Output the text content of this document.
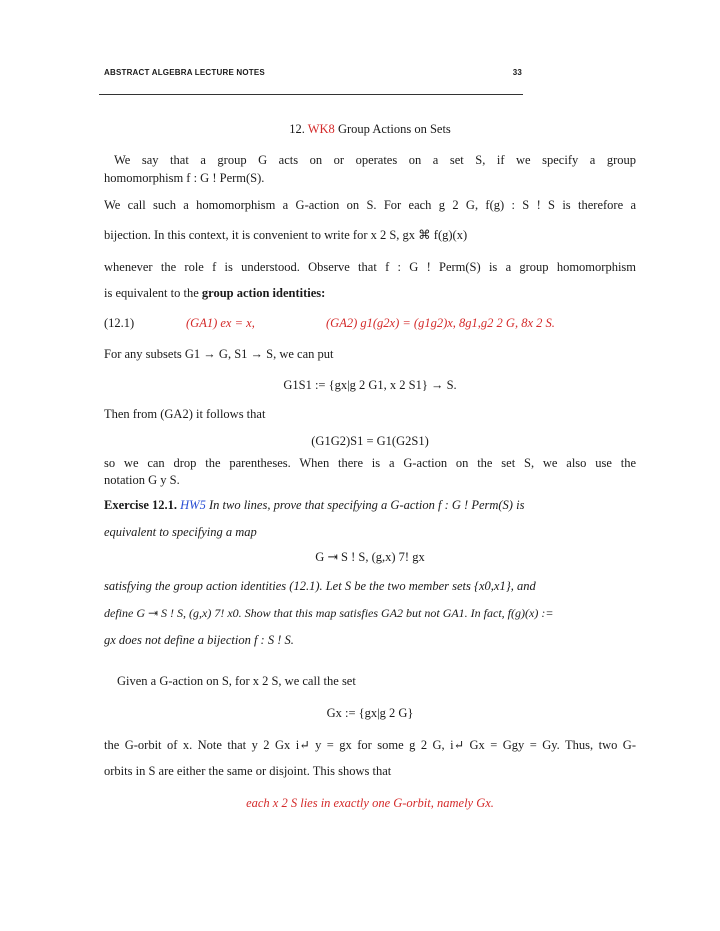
ABSTRACT ALGEBRA LECTURE NOTES	33
12. WK8 Group Actions on Sets
We say that a group G acts on or operates on a set S, if we specify a group
homomorphism f : G ! Perm(S).
We call such a homomorphism a G-action on S. For each g 2 G, f(g) : S ! S is therefore a
bijection. In this context, it is convenient to write for x 2 S, gx ⌘ f(g)(x)
whenever the role f is understood. Observe that f : G ! Perm(S) is a group homomorphism
is equivalent to the group action identities:
(12.1)	(GA1) ex = x,	(GA2) g1(g2x) = (g1g2)x, 8g1,g2 2 G, 8x 2 S.
For any subsets G1 → G, S1 → S, we can put
G1S1 := {gx|g 2 G1, x 2 S1} → S.
Then from (GA2) it follows that
(G1G2)S1 = G1(G2S1)
so we can drop the parentheses. When there is a G-action on the set S, we also use the
notation G y S.
Exercise 12.1. HW5 In two lines, prove that specifying a G-action f : G ! Perm(S) is
equivalent to specifying a map
G ⇥ S ! S, (g,x) 7! gx
satisfying the group action identities (12.1). Let S be the two member sets {x0,x1}, and
define G ⇥ S ! S, (g,x) 7! x0. Show that this map satisfies GA2 but not GA1. In fact, f(g)(x) :=
gx does not define a bijection f : S ! S.
Given a G-action on S, for x 2 S, we call the set
Gx := {gx|g 2 G}
the G-orbit of x. Note that y 2 Gx i↵ y = gx for some g 2 G, i↵ Gx = Ggy = Gy. Thus, two G-
orbits in S are either the same or disjoint. This shows that
each x 2 S lies in exactly one G-orbit, namely Gx.
